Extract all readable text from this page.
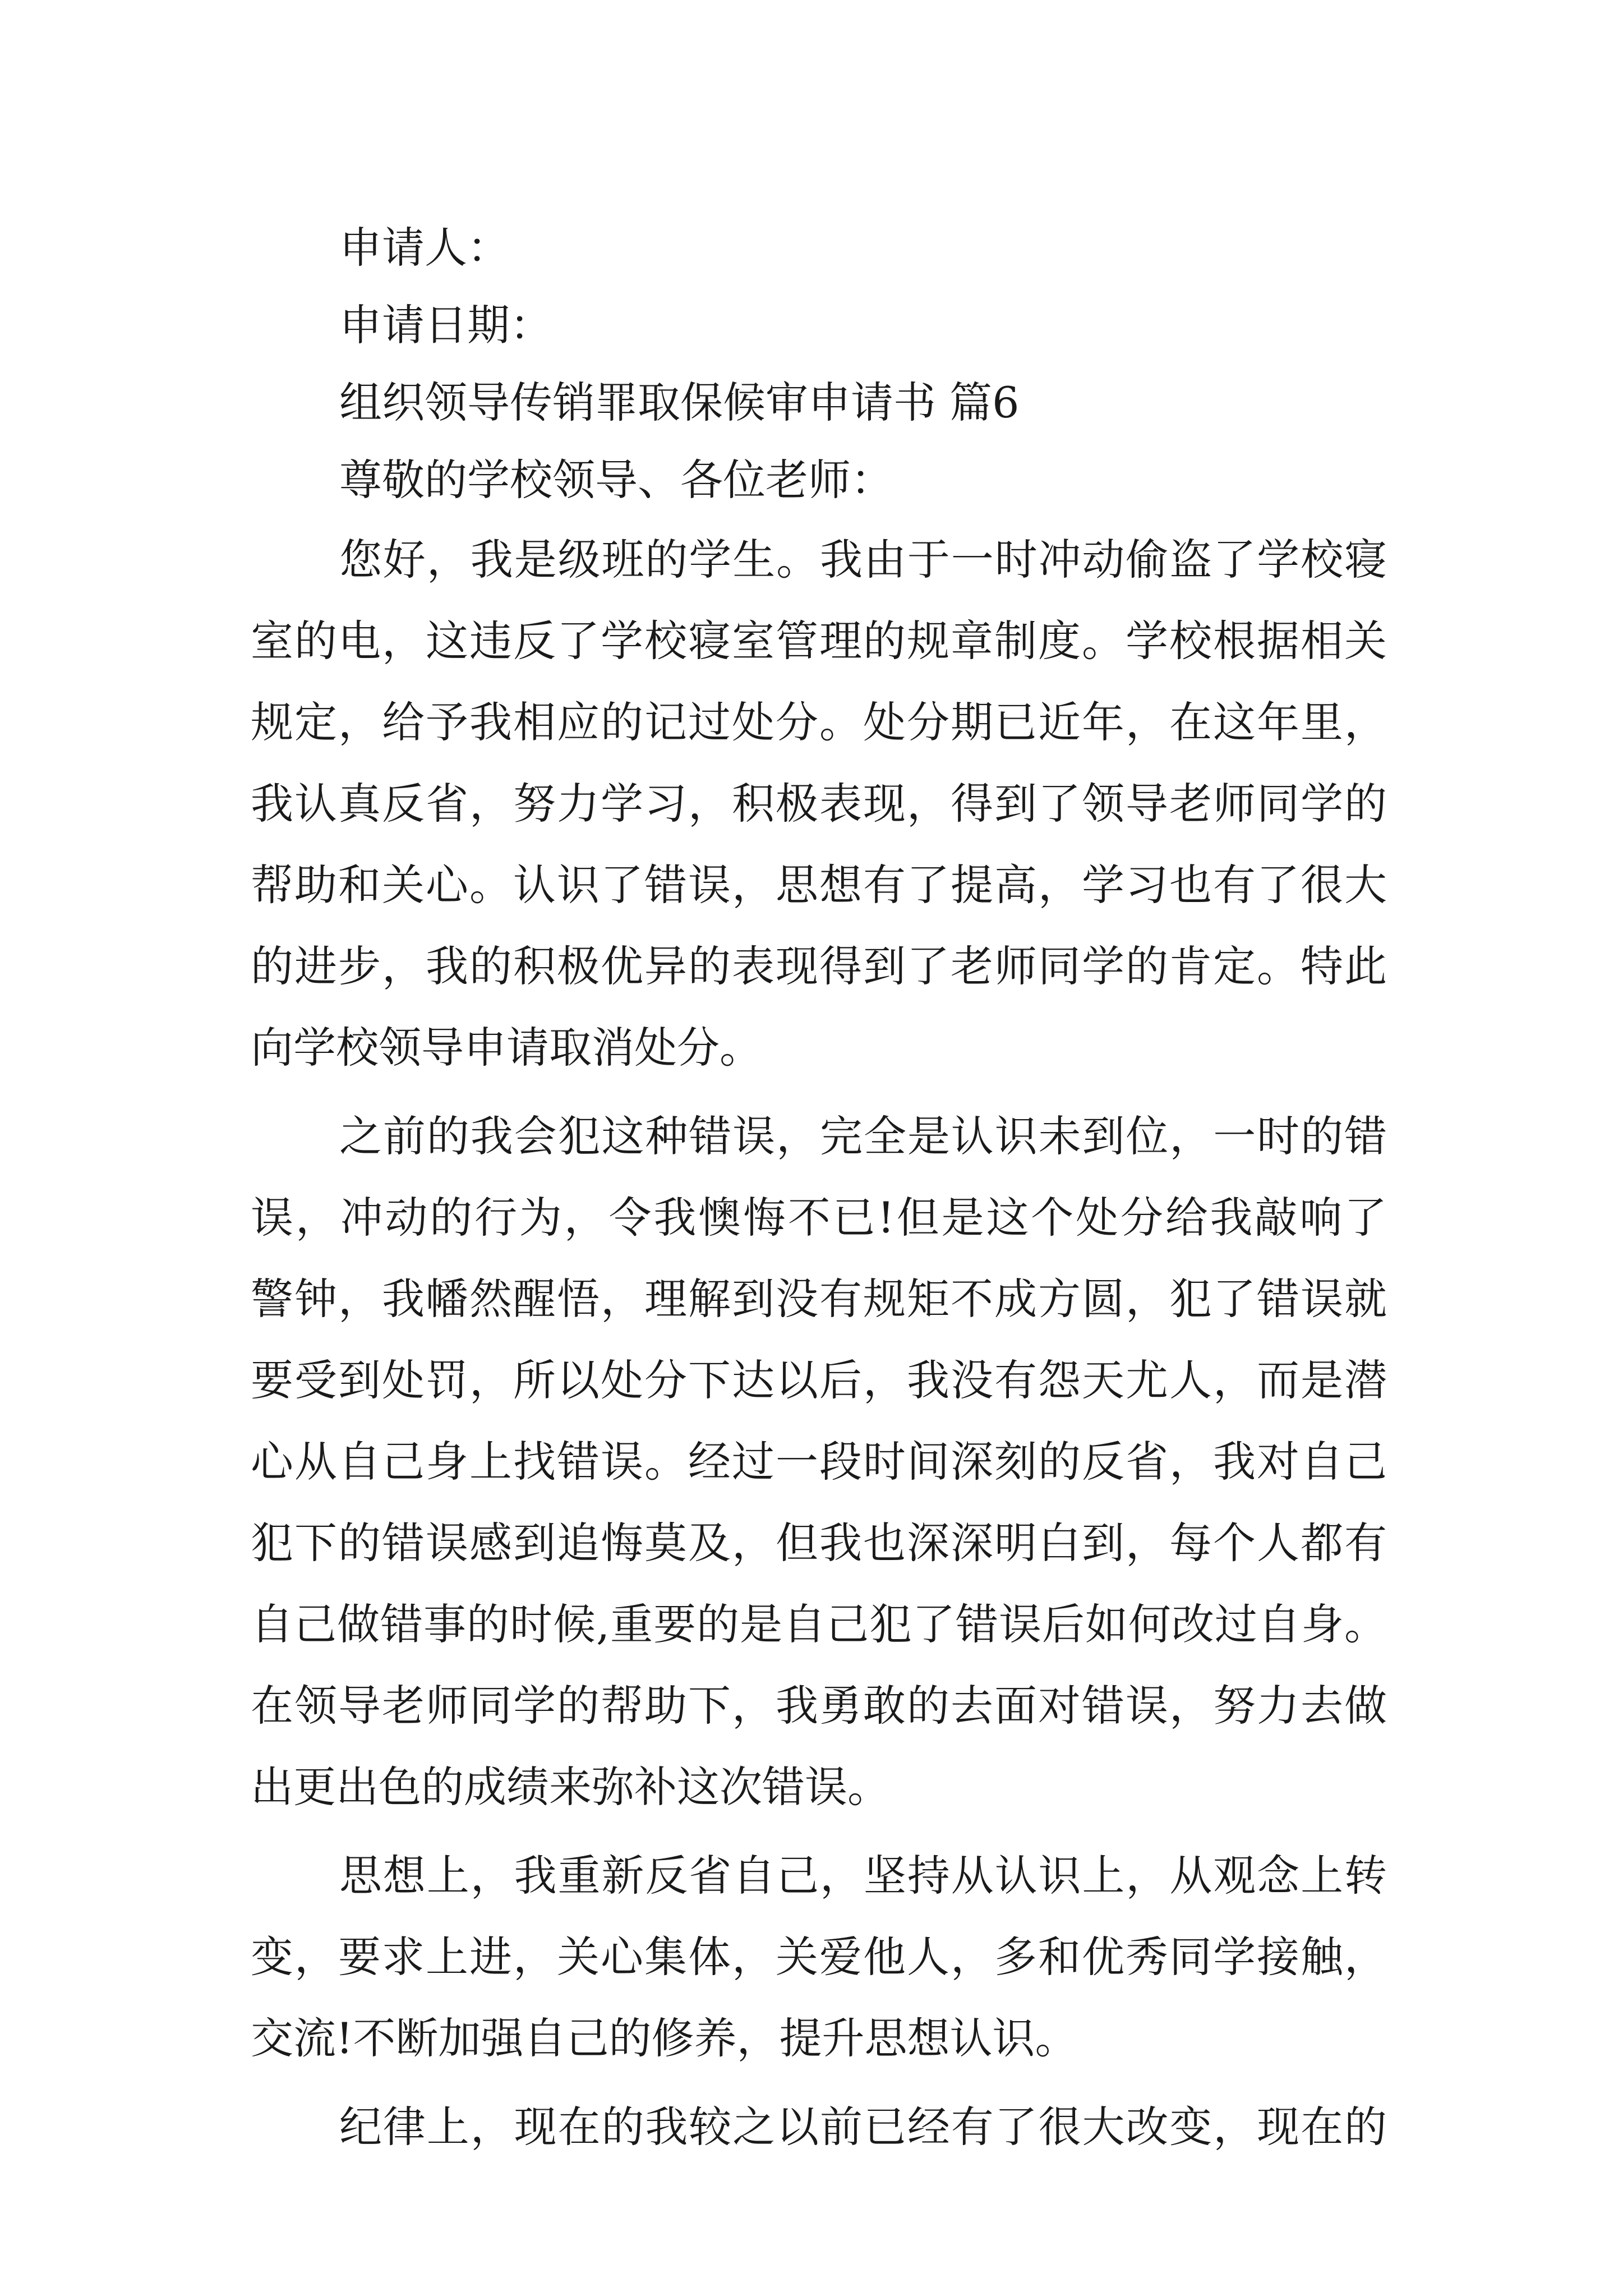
申请人：
申请日期：
组织领导传销罪取保候审申请书 篇6
尊敬的学校领导、各位老师：
您好，我是级班的学生。我由于一时冲动偷盗了学校寝
室的电，这违反了学校寝室管理的规章制度。学校根据相关
规定，给予我相应的记过处分。处分期已近年，在这年里，
我认真反省，努力学习，积极表现，得到了领导老师同学的
帮助和关心。认识了错误，思想有了提高，学习也有了很大
的进步，我的积极优异的表现得到了老师同学的肯定。特此
向学校领导申请取消处分。
之前的我会犯这种错误，完全是认识未到位，一时的错
误，冲动的行为，令我懊悔不已!但是这个处分给我敲响了
警钟，我幡然醒悟，理解到没有规矩不成方圆，犯了错误就
要受到处罚，所以处分下达以后，我没有怨天尤人，而是潜
心从自己身上找错误。经过一段时间深刻的反省，我对自己
犯下的错误感到追悔莫及，但我也深深明白到，每个人都有
自己做错事的时候,重要的是自己犯了错误后如何改过自身。
在领导老师同学的帮助下，我勇敢的去面对错误，努力去做
出更出色的成绩来弥补这次错误。
思想上，我重新反省自己，坚持从认识上，从观念上转
变，要求上进，关心集体，关爱他人，多和优秀同学接触，
交流!不断加强自己的修养，提升思想认识。
纪律上，现在的我较之以前已经有了很大改变，现在的
